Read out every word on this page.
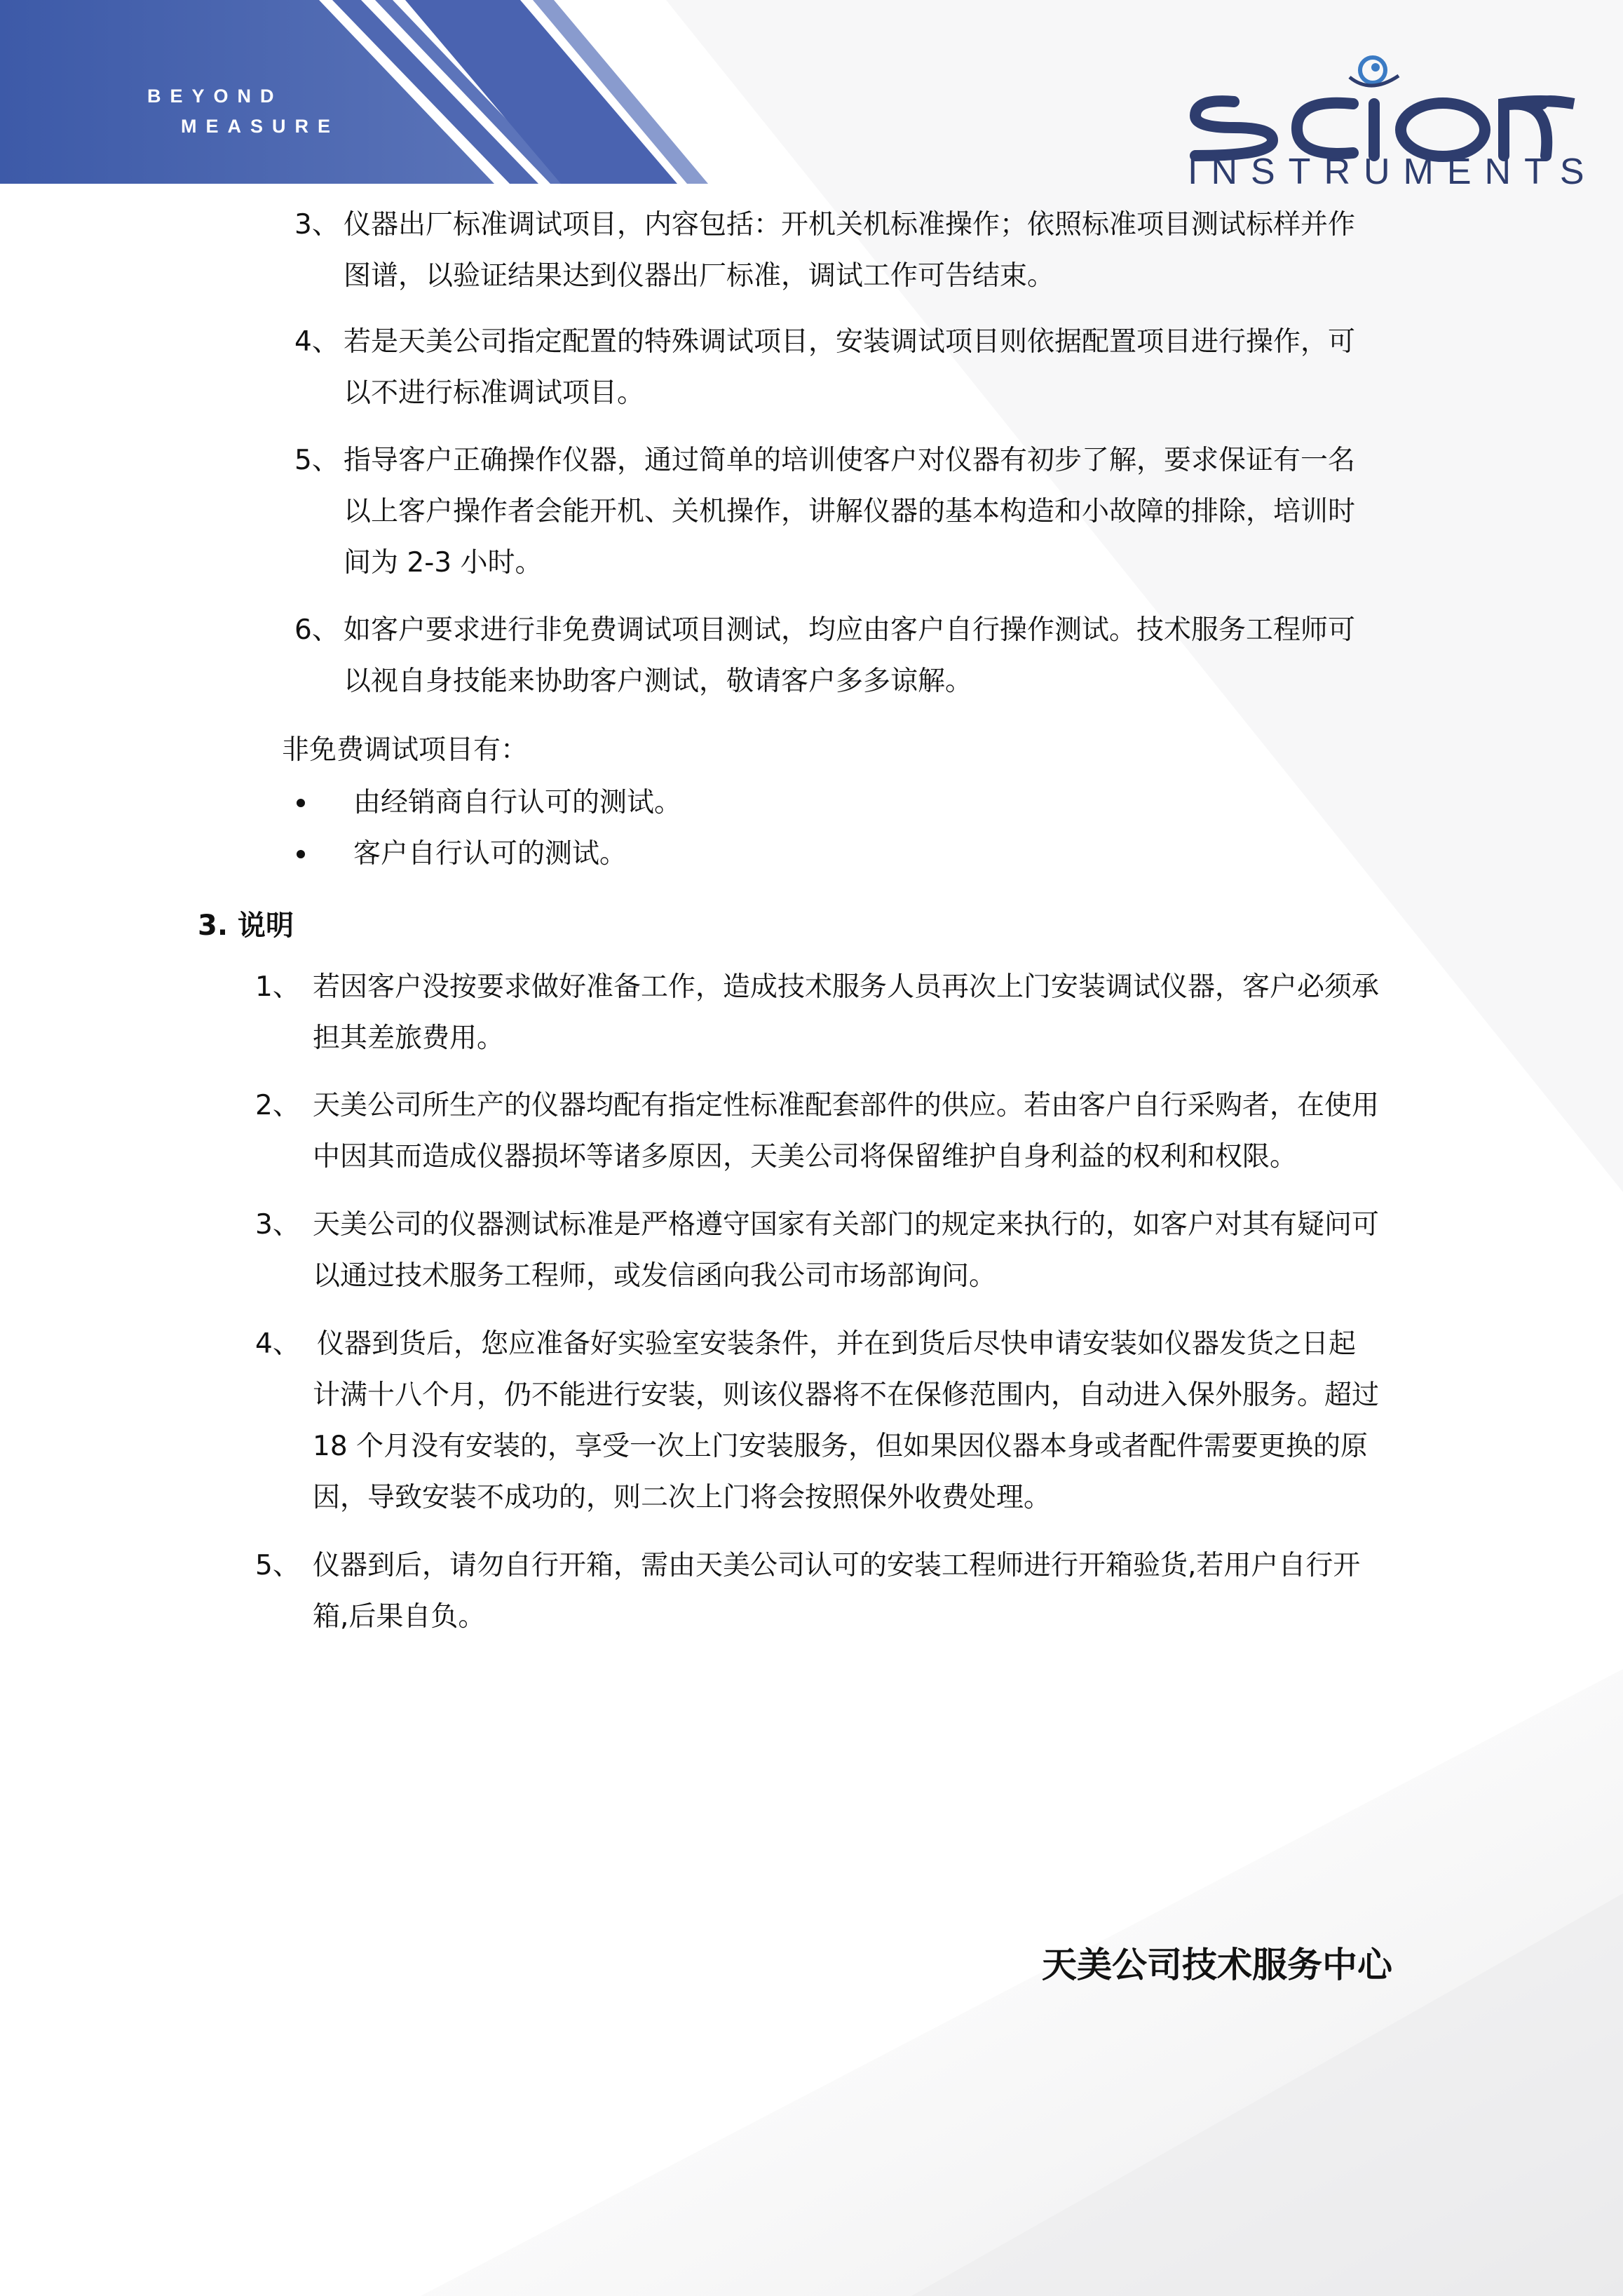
BEYOND
MEASURE
INSTRUMENTS
3、 仪器出厂标准调试项目，内容包括：开机关机标准操作；依照标准项目测试标样并作
图谱，以验证结果达到仪器出厂标准，调试工作可告结束。
4、 若是天美公司指定配置的特殊调试项目，安装调试项目则依据配置项目进行操作，可
以不进行标准调试项目。
5、 指导客户正确操作仪器，通过简单的培训使客户对仪器有初步了解，要求保证有一名
以上客户操作者会能开机、关机操作，讲解仪器的基本构造和小故障的排除，培训时
间为 2-3 小时。
6、 如客户要求进行非免费调试项目测试，均应由客户自行操作测试。技术服务工程师可
以视自身技能来协助客户测试，敬请客户多多谅解。
非免费调试项目有：
由经销商自行认可的测试。
客户自行认可的测试。
3. 说明
1、 若因客户没按要求做好准备工作，造成技术服务人员再次上门安装调试仪器，客户必须承
担其差旅费用。
2、 天美公司所生产的仪器均配有指定性标准配套部件的供应。若由客户自行采购者，在使用
中因其而造成仪器损坏等诸多原因，天美公司将保留维护自身利益的权利和权限。
3、 天美公司的仪器测试标准是严格遵守国家有关部门的规定来执行的，如客户对其有疑问可
以通过技术服务工程师，或发信函向我公司市场部询问。
4、 仪器到货后，您应准备好实验室安装条件，并在到货后尽快申请安装如仪器发货之日起
计满十八个月，仍不能进行安装，则该仪器将不在保修范围内，自动进入保外服务。超过
18 个月没有安装的，享受一次上门安装服务，但如果因仪器本身或者配件需要更换的原
因，导致安装不成功的，则二次上门将会按照保外收费处理。
5、 仪器到后，请勿自行开箱，需由天美公司认可的安装工程师进行开箱验货,若用户自行开
箱,后果自负。
天美公司技术服务中心
